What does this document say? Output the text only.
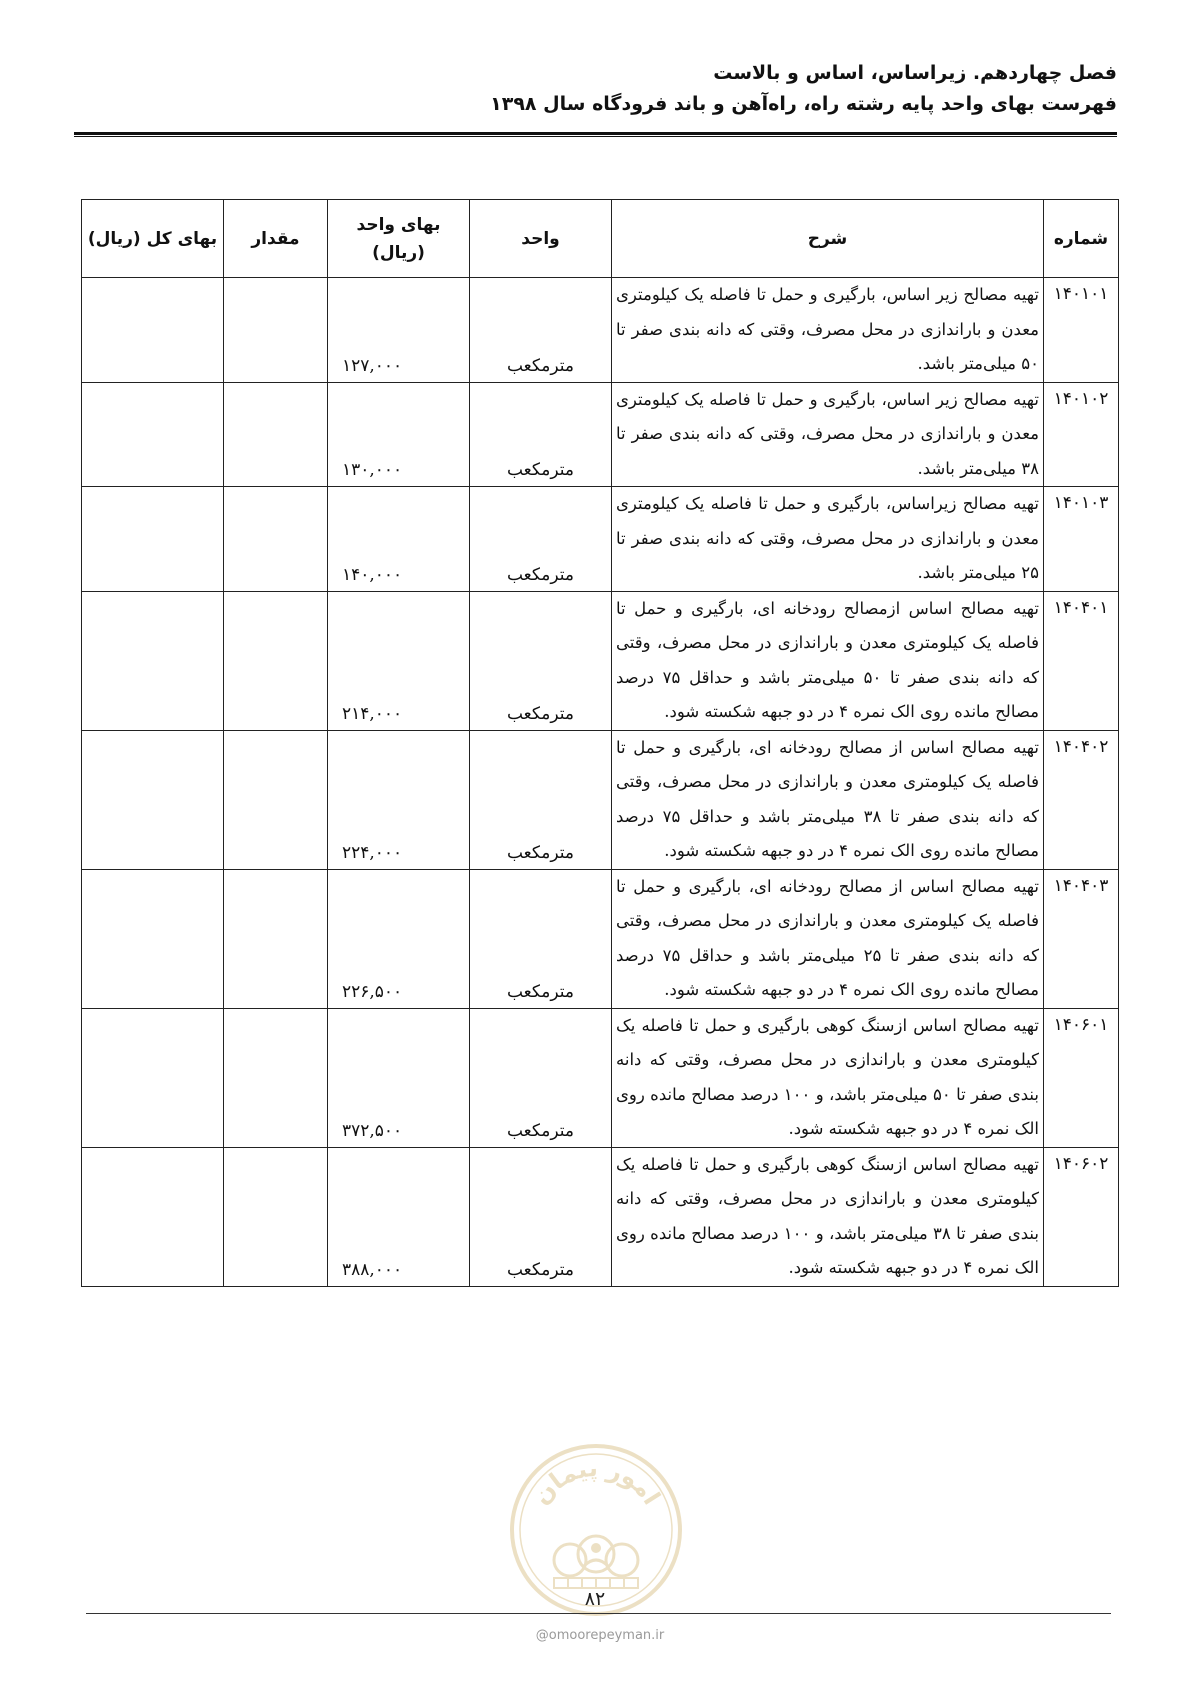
فصل چهاردهم. زیراساس، اساس و بالاست
فهرست بهای واحد پایه رشته راه، راه‌آهن و باند فرودگاه سال ۱۳۹۸
شماره	شرح	واحد	بهای واحد
(ریال)	مقدار	بهای کل (ریال)
۱۴۰۱۰۱	تهیه مصالح زیر اساس، بارگیری و حمل تا فاصله یک کیلومتری معدن و باراندازی در محل مصرف، وقتی که دانه بندی صفر تا ۵۰ میلی‌متر باشد.	مترمکعب	۱۲۷,۰۰۰		
۱۴۰۱۰۲	تهیه مصالح زیر اساس، بارگیری و حمل تا فاصله یک کیلومتری معدن و باراندازی در محل مصرف، وقتی که دانه بندی صفر تا ۳۸ میلی‌متر باشد.	مترمکعب	۱۳۰,۰۰۰		
۱۴۰۱۰۳	تهیه مصالح زیراساس، بارگیری و حمل تا فاصله یک کیلومتری معدن و باراندازی در محل مصرف، وقتی که دانه بندی صفر تا ۲۵ میلی‌متر باشد.	مترمکعب	۱۴۰,۰۰۰		
۱۴۰۴۰۱	تهیه مصالح اساس ازمصالح رودخانه ای، بارگیری و حمل تا فاصله یک کیلومتری معدن و باراندازی در محل مصرف، وقتی که دانه بندی صفر تا ۵۰ میلی‌متر باشد و حداقل ۷۵ درصد مصالح مانده روی الک نمره ۴ در دو جبهه شکسته شود.	مترمکعب	۲۱۴,۰۰۰		
۱۴۰۴۰۲	تهیه مصالح اساس از مصالح رودخانه ای، بارگیری و حمل تا فاصله یک کیلومتری معدن و باراندازی در محل مصرف، وقتی که دانه بندی صفر تا ۳۸ میلی‌متر باشد و حداقل ۷۵ درصد مصالح مانده روی الک نمره ۴ در دو جبهه شکسته شود.	مترمکعب	۲۲۴,۰۰۰		
۱۴۰۴۰۳	تهیه مصالح اساس از مصالح رودخانه ای، بارگیری و حمل تا فاصله یک کیلومتری معدن و باراندازی در محل مصرف، وقتی که دانه بندی صفر تا ۲۵ میلی‌متر باشد و حداقل ۷۵ درصد مصالح مانده روی الک نمره ۴ در دو جبهه شکسته شود.	مترمکعب	۲۲۶,۵۰۰		
۱۴۰۶۰۱	تهیه مصالح اساس ازسنگ کوهی بارگیری و حمل تا فاصله یک کیلومتری معدن و باراندازی در محل مصرف، وقتی که دانه بندی صفر تا ۵۰ میلی‌متر باشد، و ۱۰۰ درصد مصالح مانده روی الک نمره ۴ در دو جبهه شکسته شود.	مترمکعب	۳۷۲,۵۰۰		
۱۴۰۶۰۲	تهیه مصالح اساس ازسنگ کوهی بارگیری و حمل تا فاصله یک کیلومتری معدن و باراندازی در محل مصرف، وقتی که دانه بندی صفر تا ۳۸ میلی‌متر باشد، و ۱۰۰ درصد مصالح مانده روی الک نمره ۴ در دو جبهه شکسته شود.	مترمکعب	۳۸۸,۰۰۰		
امور پیمان
۸۲
@omoorepeyman.ir
